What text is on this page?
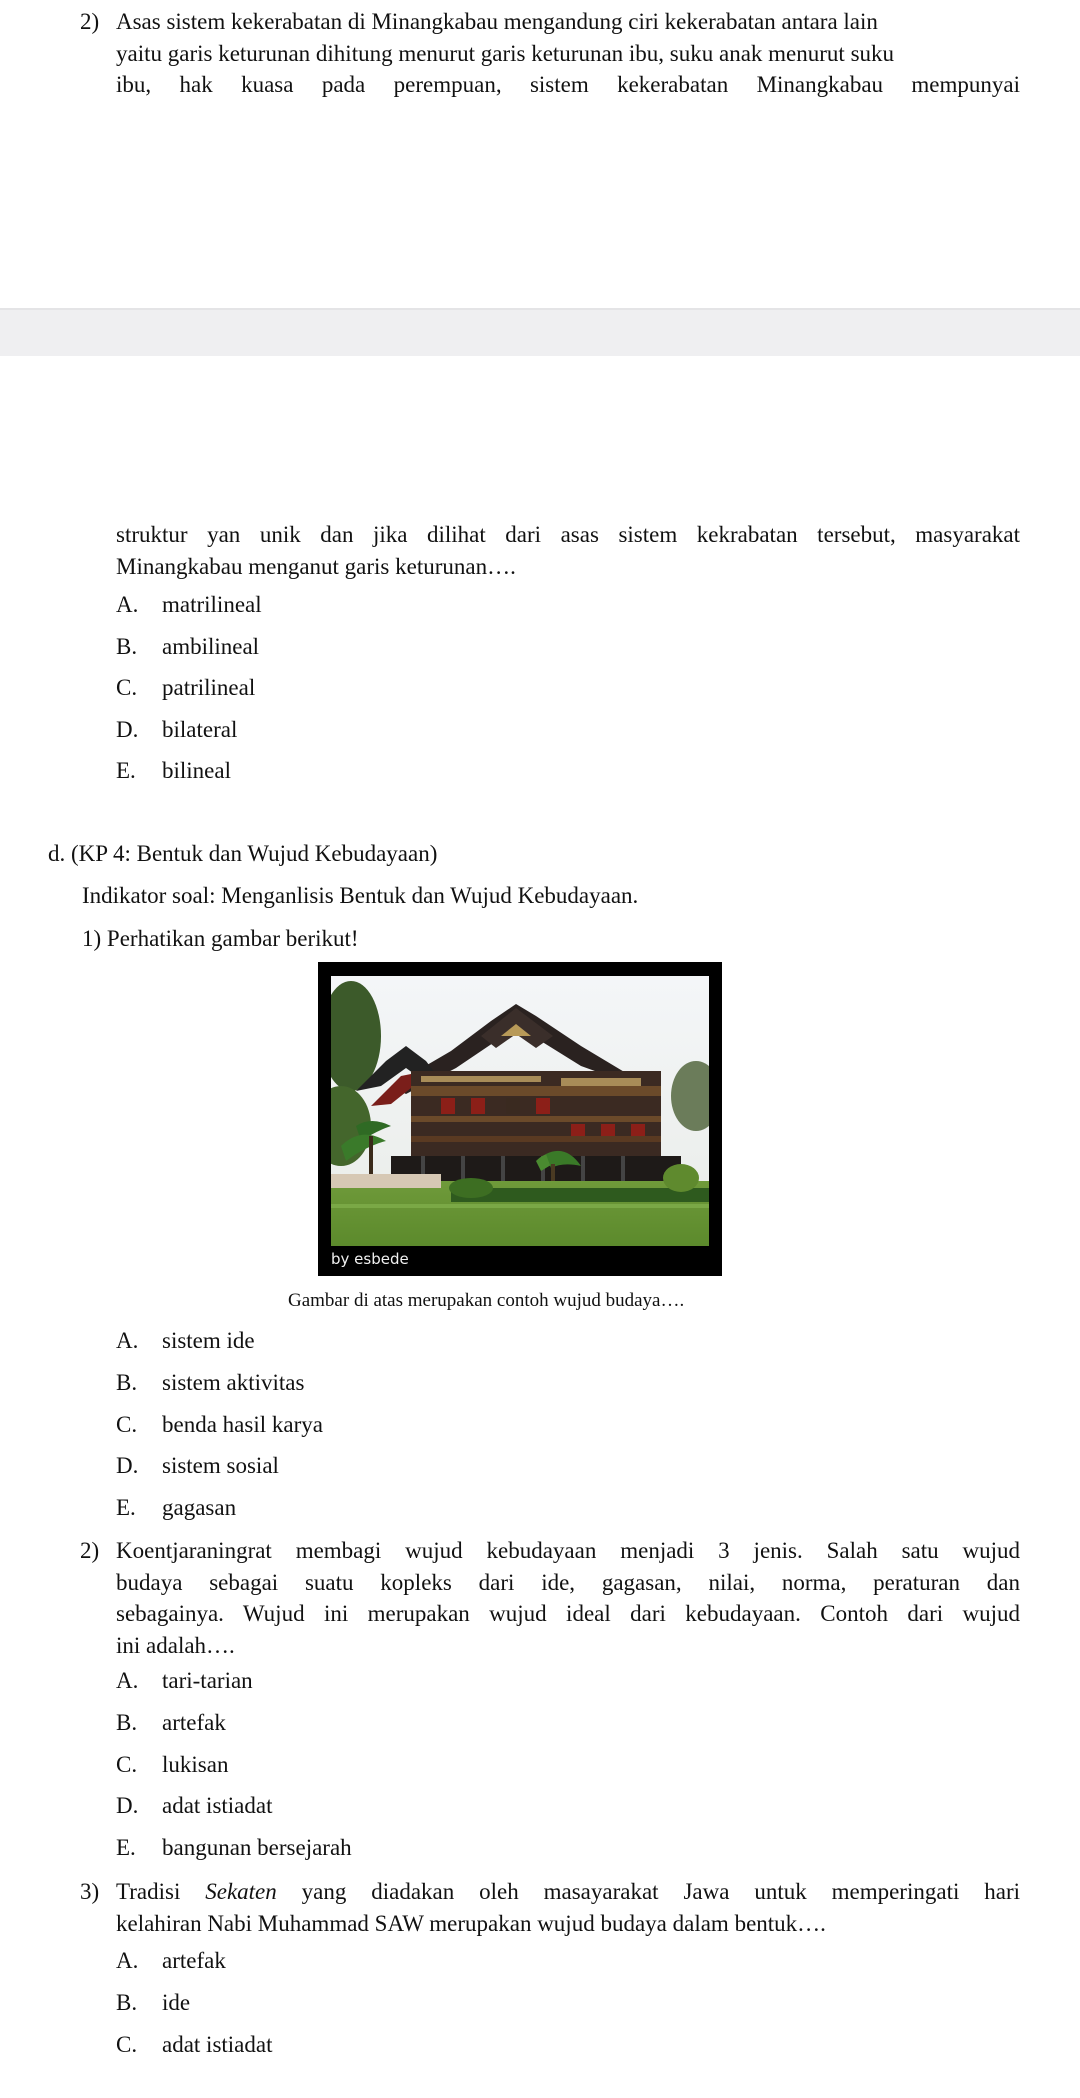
2) Asas sistem kekerabatan di Minangkabau mengandung ciri kekerabatan antara lain
yaitu garis keturunan dihitung menurut garis keturunan ibu, suku anak menurut suku
ibu, hak kuasa pada perempuan, sistem kekerabatan Minangkabau mempunyai
struktur yan unik dan jika dilihat dari asas sistem kekrabatan tersebut, masyarakat
Minangkabau menganut garis keturunan….
A. matrilineal
B. ambilineal
C. patrilineal
D. bilateral
E. bilineal
d. (KP 4: Bentuk dan Wujud Kebudayaan)
Indikator soal: Menganlisis Bentuk dan Wujud Kebudayaan.
1) Perhatikan gambar berikut!
by esbede
Gambar di atas merupakan contoh wujud budaya….
A. sistem ide
B. sistem aktivitas
C. benda hasil karya
D. sistem sosial
E. gagasan
2) Koentjaraningrat membagi wujud kebudayaan menjadi 3 jenis. Salah satu wujud
budaya sebagai suatu kopleks dari ide, gagasan, nilai, norma, peraturan dan
sebagainya. Wujud ini merupakan wujud ideal dari kebudayaan. Contoh dari wujud
ini adalah….
A. tari-tarian
B. artefak
C. lukisan
D. adat istiadat
E. bangunan bersejarah
3) Tradisi Sekaten yang diadakan oleh masayarakat Jawa untuk memperingati hari
kelahiran Nabi Muhammad SAW merupakan wujud budaya dalam bentuk….
A. artefak
B. ide
C. adat istiadat
